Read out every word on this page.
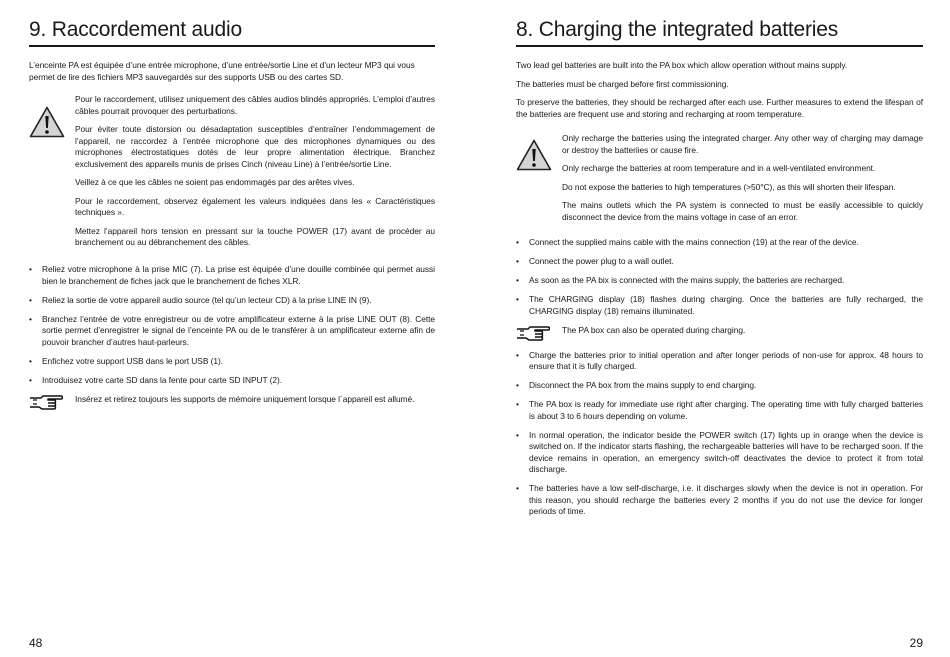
9. Raccordement audio

L’enceinte PA est équipée d’une entrée microphone, d’une entrée/sortie Line et d’un lecteur MP3 qui vous permet de lire des fichiers MP3 sauvegardés sur des supports USB ou des cartes SD.

Pour le raccordement, utilisez uniquement des câbles audios blindés appropriés. L’emploi d’autres câbles pourrait provoquer des perturbations.

Pour éviter toute distorsion ou désadaptation susceptibles d’entraîner l’endommagement de l’appareil, ne raccordez à l’entrée microphone que des microphones dynamiques ou des microphones électrostatiques dotés de leur propre alimentation électrique. Branchez exclusivement des appareils munis de prises Cinch (niveau Line) à l’entrée/sortie Line.

Veillez à ce que les câbles ne soient pas endommagés par des arêtes vives.

Pour le raccordement, observez également les valeurs indiquées dans les « Caractéristiques techniques ».

Mettez l’appareil hors tension en pressant sur la touche POWER (17) avant de procéder au branchement ou au débranchement des câbles.

• Reliez votre microphone à la prise MIC (7). La prise est équipée d’une douille combinée qui permet aussi bien le branchement de fiches jack que le branchement de fiches XLR.

• Reliez la sortie de votre appareil audio source (tel qu’un lecteur CD) à la prise LINE IN (9).

• Branchez l’entrée de votre enregistreur ou de votre amplificateur externe à la prise LINE OUT (8). Cette sortie permet d’enregistrer le signal de l’enceinte PA ou de le transférer à un amplificateur externe afin de pouvoir brancher d’autres haut-parleurs.

• Enfichez votre support USB dans le port USB (1).

• Introduisez votre carte SD dans la fente pour carte SD INPUT (2).

Insérez et retirez toujours les supports de mémoire uniquement lorsque l´appareil est allumé.

48
8. Charging the integrated batteries

Two lead gel batteries are built into the PA box which allow operation without mains supply.

The batteries must be charged before first commissioning.

To preserve the batteries, they should be recharged after each use. Further measures to extend the lifespan of the batteries are frequent use and storing and recharging at room temperature.

Only recharge the batteries using the integrated charger. Any other way of charging may damage or destroy the batteriies or cause fire.

Only recharge the batteries at room temperature and in a well-ventilated environment.

Do not expose the batteries to high temperatures (>50°C), as this will shorten their lifespan.

The mains outlets which the PA system is connected to must be easily accessible to quickly disconnect the device from the mains voltage in case of an error.

• Connect the supplied mains cable with the mains connection (19) at the rear of the device.

• Connect the power plug to a wall outlet.

• As soon as the PA bix is connected with the mains supply, the batteries are recharged.

• The CHARGING display (18) flashes during charging. Once the batteries are fully recharged, the CHARGING display (18) remains illuminated.

The PA box can also be operated during charging.

• Charge the batteries prior to initial operation and after longer periods of non-use for approx. 48 hours to ensure that it is fully charged.

• Disconnect the PA box from the mains supply to end charging.

• The PA box is ready for immediate use right after charging. The operating time with fully charged batteries is about 3 to 6 hours depending on volume.

• In normal operation, the indicator beside the POWER switch (17) lights up in orange when the device is switched on. If the indicator starts flashing, the rechargeable batteries will have to be recharged soon. If the device remains in operation, an emergency switch-off deactivates the device to protect it from total discharge.

• The batteries have a low self-discharge, i.e. it discharges slowly when the device is not in operation. For this reason, you should recharge the batteries every 2 months if you do not use the device for longer periods of time.

29
